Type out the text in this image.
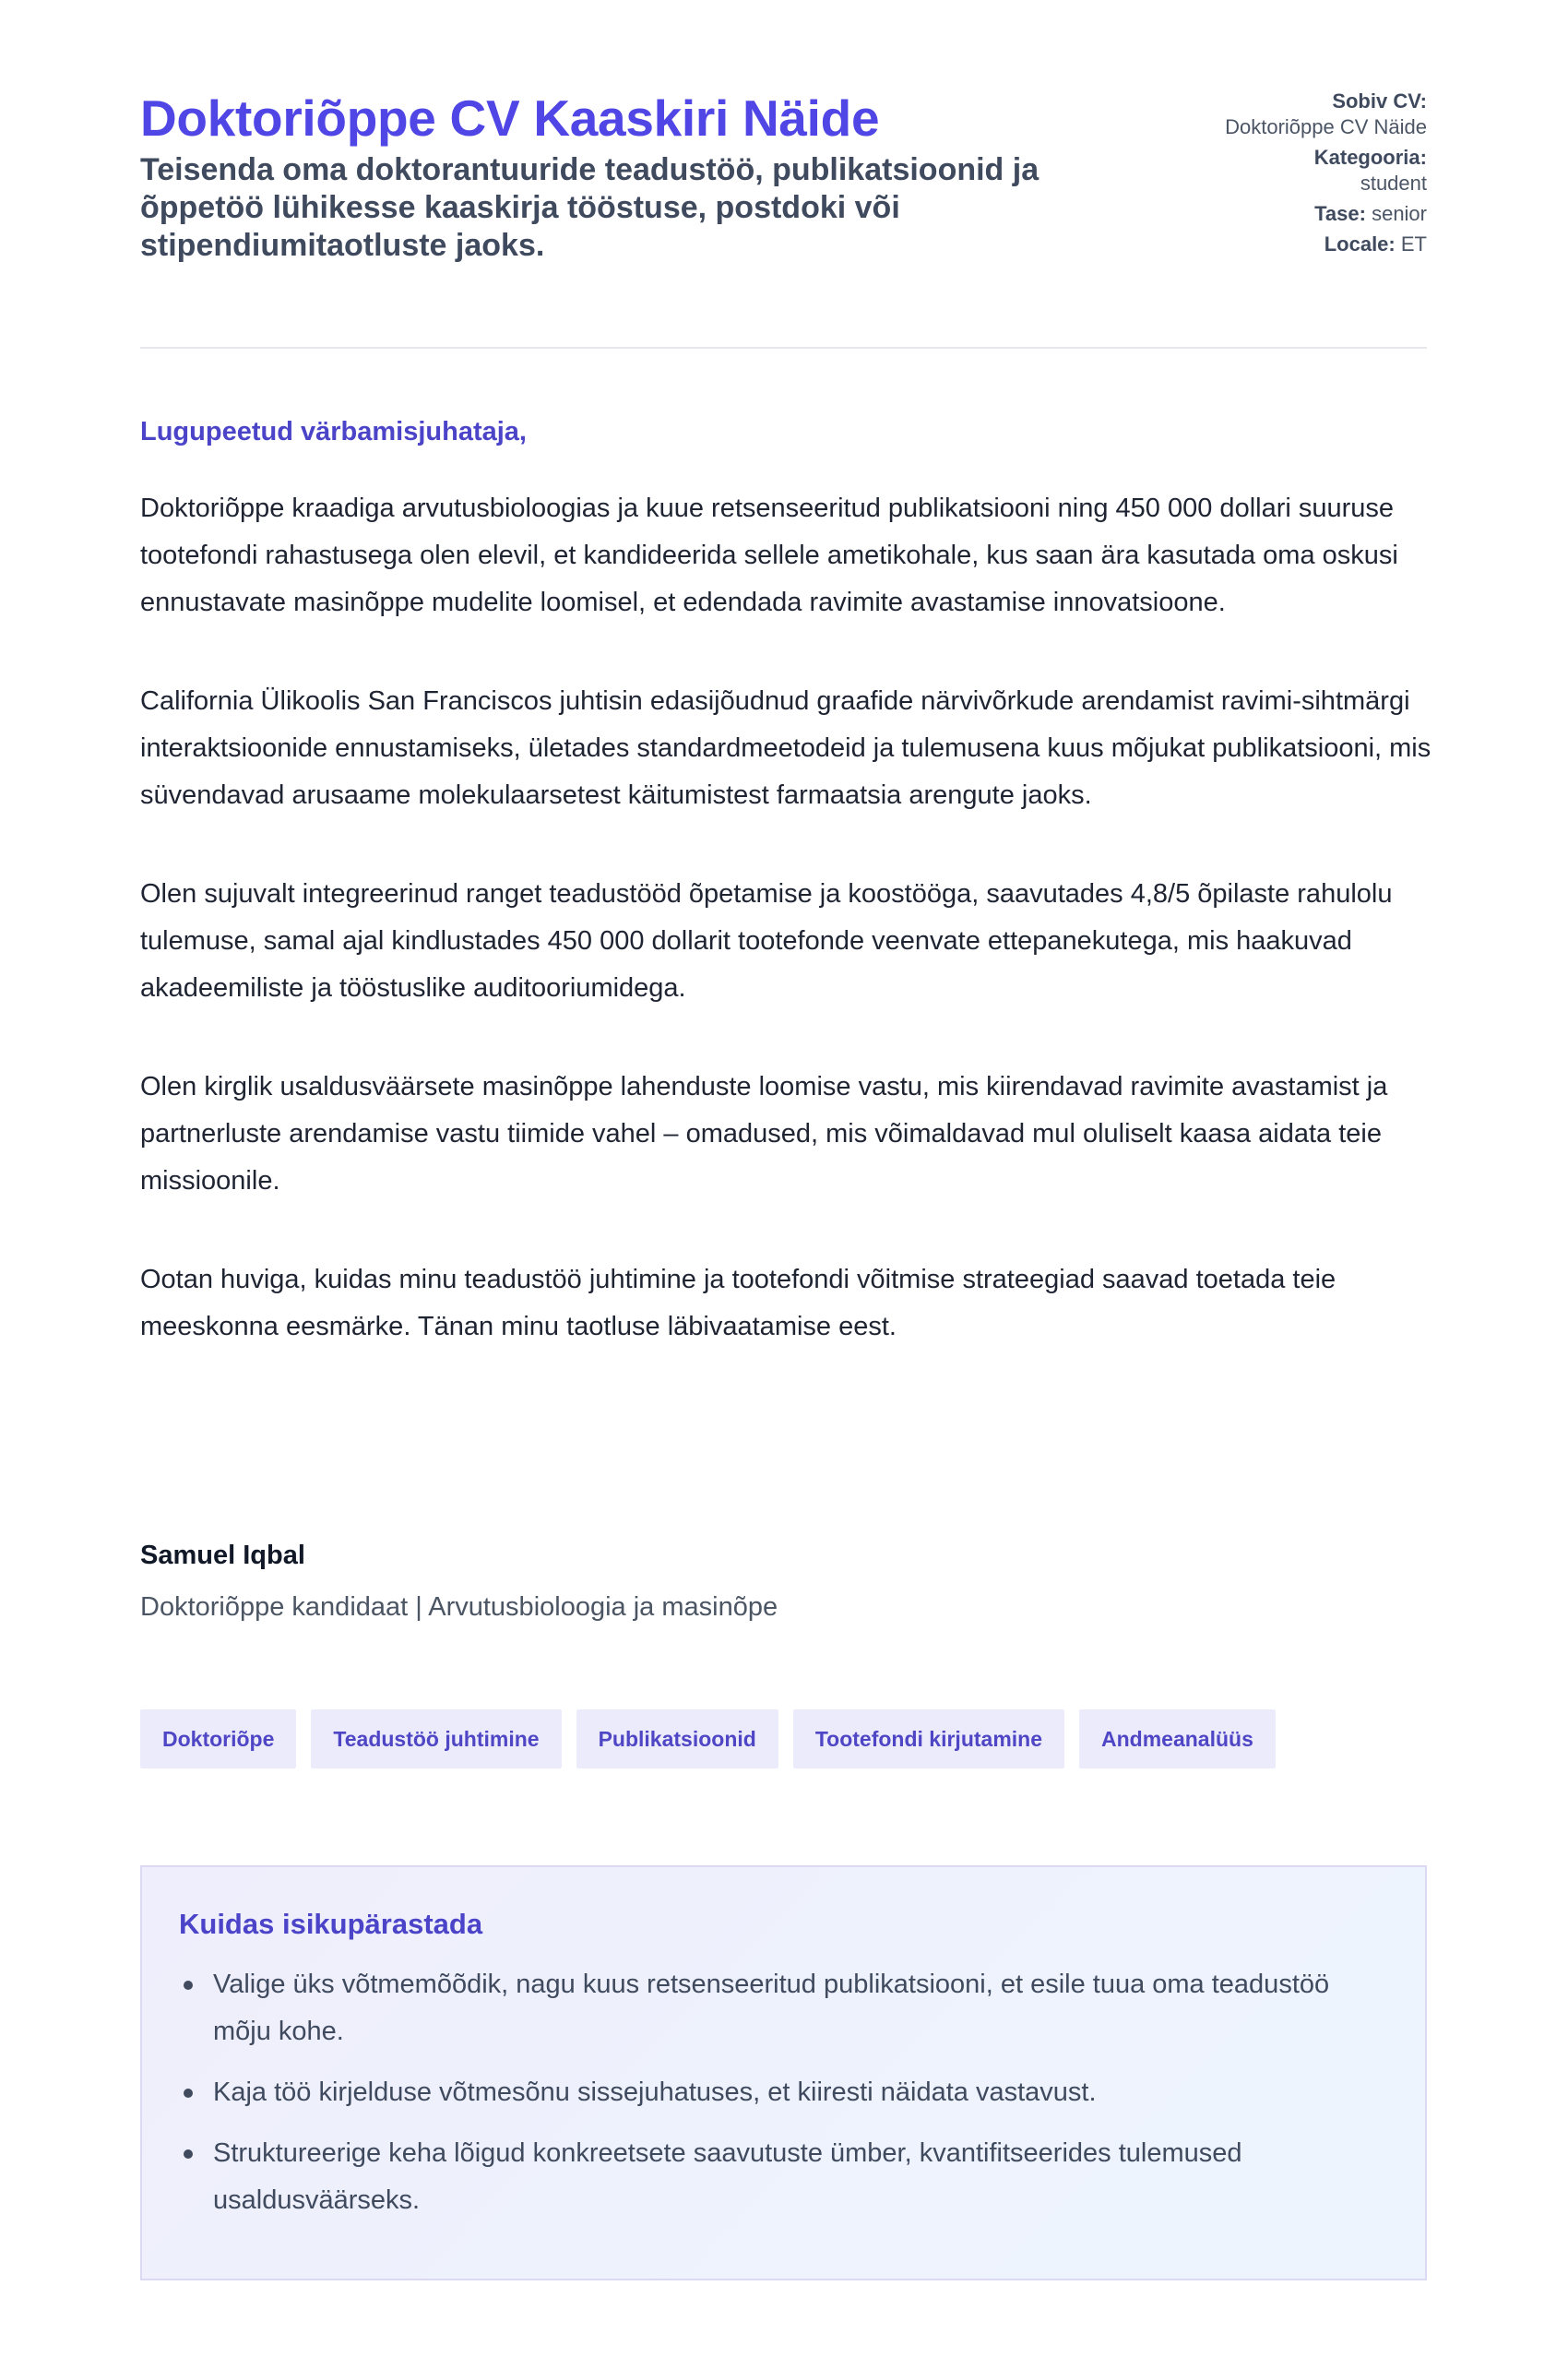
Doktoriõppe CV Kaaskiri Näide

Teisenda oma doktorantuuride teadustöö, publikatsioonid ja õppetöö lühikesse kaaskirja tööstuse, postdoki või stipendiumitaotluste jaoks.

Sobiv CV:
Doktoriõppe CV Näide
Kategooria:
student
Tase: senior
Locale: ET
Lugupeetud värbamisjuhataja,

Doktoriõppe kraadiga arvutusbioloogias ja kuue retsenseeritud publikatsiooni ning 450 000 dollari suuruse tootefondi rahastusega olen elevil, et kandideerida sellele ametikohale, kus saan ära kasutada oma oskusi ennustavate masinõppe mudelite loomisel, et edendada ravimite avastamise innovatsioone.

California Ülikoolis San Franciscos juhtisin edasijõudnud graafide närvivõrkude arendamist ravimi-sihtmärgi interaktsioonide ennustamiseks, ületades standardmeetodeid ja tulemusena kuus mõjukat publikatsiooni, mis süvendavad arusaame molekulaarsetest käitumistest farmaatsia arengute jaoks.

Olen sujuvalt integreerinud ranget teadustööd õpetamise ja koostööga, saavutades 4,8/5 õpilaste rahulolu tulemuse, samal ajal kindlustades 450 000 dollarit tootefonde veenvate ettepanekutega, mis haakuvad akadeemiliste ja tööstuslike auditooriumidega.

Olen kirglik usaldusväärsete masinõppe lahenduste loomise vastu, mis kiirendavad ravimite avastamist ja partnerluste arendamise vastu tiimide vahel – omadused, mis võimaldavad mul oluliselt kaasa aidata teie missioonile.

Ootan huviga, kuidas minu teadustöö juhtimine ja tootefondi võitmise strateegiad saavad toetada teie meeskonna eesmärke. Tänan minu taotluse läbivaatamise eest.

Samuel Iqbal
Doktoriõppe kandidaat | Arvutusbioloogia ja masinõpe
Doktoriõpe	Teadustöö juhtimine	Publikatsioonid	Tootefondi kirjutamine	Andmeanalüüs
Kuidas isikupärastada
Valige üks võtmemõõdik, nagu kuus retsenseeritud publikatsiooni, et esile tuua oma teadustöö mõju kohe.
Kaja töö kirjelduse võtmesõnu sissejuhatuses, et kiiresti näidata vastavust.
Struktureerige keha lõigud konkreetsete saavutuste ümber, kvantifitseerides tulemused usaldusväärseks.
